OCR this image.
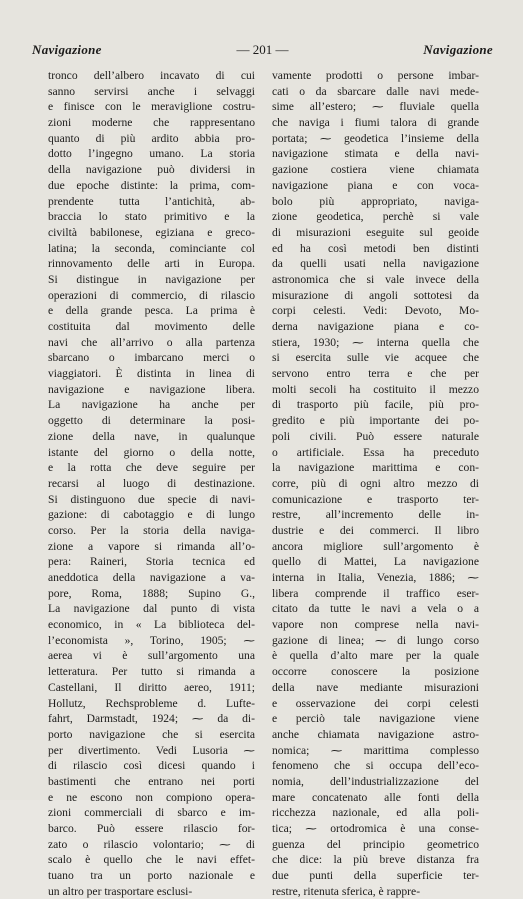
Navigazione	— 201 —	Navigazione
tronco dell’albero incavato di cui
sanno servirsi anche i selvaggi
e finisce con le meraviglione costru-
zioni moderne che rappresentano
quanto di più ardito abbia pro-
dotto l’ingegno umano. La storia
della navigazione può dividersi in
due epoche distinte: la prima, com-
prendente tutta l’antichità, ab-
braccia lo stato primitivo e la
civiltà babilonese, egiziana e greco-
latina; la seconda, cominciante col
rinnovamento delle arti in Europa.
Si distingue in navigazione per
operazioni di commercio, di rilascio
e della grande pesca. La prima è
costituita dal movimento delle
navi che all’arrivo o alla partenza
sbarcano o imbarcano merci o
viaggiatori. È distinta in linea di
navigazione e navigazione libera.
La navigazione ha anche per
oggetto di determinare la posi-
zione della nave, in qualunque
istante del giorno o della notte,
e la rotta che deve seguire per
recarsi al luogo di destinazione.
Si distinguono due specie di navi-
gazione: di cabotaggio e di lungo
corso. Per la storia della naviga-
zione a vapore si rimanda all’o-
pera: Raineri, Storia tecnica ed
aneddotica della navigazione a va-
pore, Roma, 1888; Supino G.,
La navigazione dal punto di vista
economico, in « La biblioteca del-
l’economista », Torino, 1905; ⁓
aerea vi è sull’argomento una
letteratura. Per tutto si rimanda a
Castellani, Il diritto aereo, 1911;
Hollutz, Rechsprobleme d. Lufte-
fahrt, Darmstadt, 1924; ⁓ da di-
porto navigazione che si esercita
per divertimento. Vedi Lusoria ⁓
di rilascio così dicesi quando i
bastimenti che entrano nei porti
e ne escono non compiono opera-
zioni commerciali di sbarco e im-
barco. Può essere rilascio for-
zato o rilascio volontario; ⁓ di
scalo è quello che le navi effet-
tuano tra un porto nazionale e
un altro per trasportare esclusi-
vamente prodotti o persone imbar-
cati o da sbarcare dalle navi mede-
sime all’estero; ⁓ fluviale quella
che naviga i fiumi talora di grande
portata; ⁓ geodetica l’insieme della
navigazione stimata e della navi-
gazione costiera viene chiamata
navigazione piana e con voca-
bolo più appropriato, naviga-
zione geodetica, perchè si vale
di misurazioni eseguite sul geoide
ed ha così metodi ben distinti
da quelli usati nella navigazione
astronomica che si vale invece della
misurazione di angoli sottotesi da
corpi celesti. Vedi: Devoto, Mo-
derna navigazione piana e co-
stiera, 1930; ⁓ interna quella che
si esercita sulle vie acquee che
servono entro terra e che per
molti secoli ha costituito il mezzo
di trasporto più facile, più pro-
gredito e più importante dei po-
poli civili. Può essere naturale
o artificiale. Essa ha preceduto
la navigazione marittima e con-
corre, più di ogni altro mezzo di
comunicazione e trasporto ter-
restre, all’incremento delle in-
dustrie e dei commerci. Il libro
ancora migliore sull’argomento è
quello di Mattei, La navigazione
interna in Italia, Venezia, 1886; ⁓
libera comprende il traffico eser-
citato da tutte le navi a vela o a
vapore non comprese nella navi-
gazione di linea; ⁓ di lungo corso
è quella d’alto mare per la quale
occorre conoscere la posizione
della nave mediante misurazioni
e osservazione dei corpi celesti
e perciò tale navigazione viene
anche chiamata navigazione astro-
nomica; ⁓ marittima complesso
fenomeno che si occupa dell’eco-
nomia, dell’industrializzazione del
mare concatenato alle fonti della
ricchezza nazionale, ed alla poli-
tica; ⁓ ortodromica è una conse-
guenza del principio geometrico
che dice: la più breve distanza fra
due punti della superficie ter-
restre, ritenuta sferica, è rappre-
